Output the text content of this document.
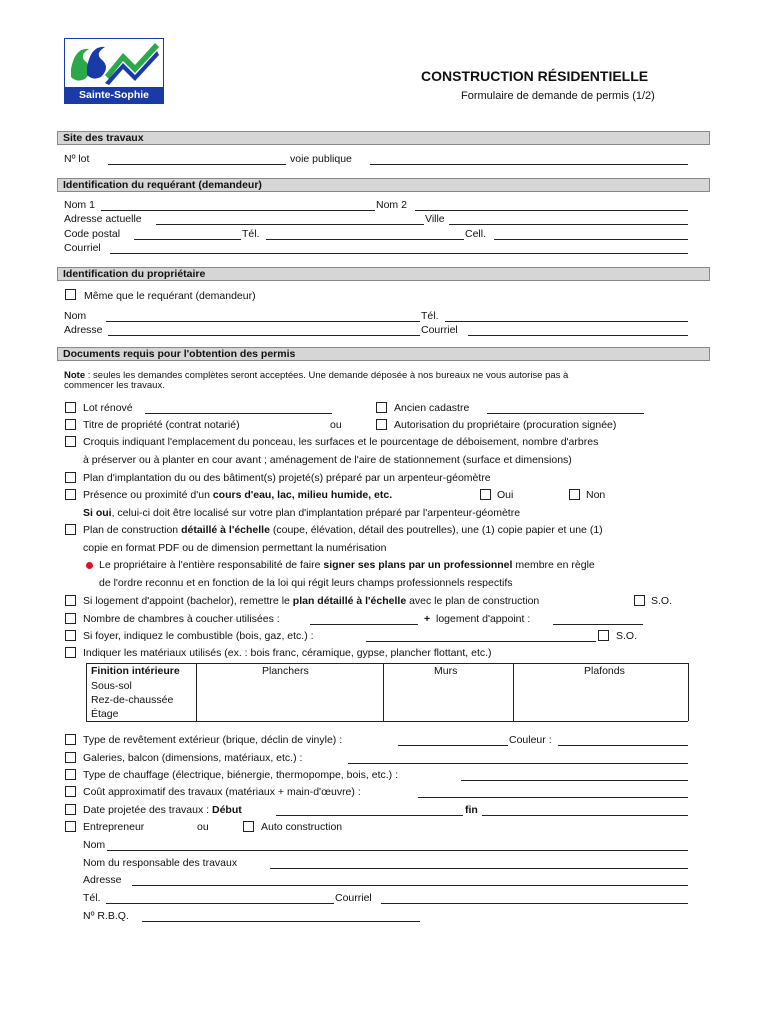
Sainte-Sophie
CONSTRUCTION RÉSIDENTIELLE
Formulaire de demande de permis (1/2)
Site des travaux
Nº lot	voie publique
Identification du requérant (demandeur)
Nom 1	Nom 2
Adresse actuelle	Ville
Code postal	Tél.	Cell.
Courriel
Identification du propriétaire
Même que le requérant (demandeur)
Nom	Tél.
Adresse	Courriel
Documents requis pour l'obtention des permis
Note : seules les demandes complètes seront acceptées. Une demande déposée à nos bureaux ne vous autorise pas à
commencer les travaux.
Lot rénové	Ancien cadastre
Titre de propriété (contrat notarié)	ou	Autorisation du propriétaire (procuration signée)
Croquis indiquant l'emplacement du ponceau, les surfaces et le pourcentage de déboisement, nombre d'arbres
à préserver ou à planter en cour avant ; aménagement de l'aire de stationnement (surface et dimensions)
Plan d'implantation du ou des bâtiment(s) projeté(s) préparé par un arpenteur-géomètre
Présence ou proximité d'un cours d'eau, lac, milieu humide, etc.	Oui	Non
Si oui, celui-ci doit être localisé sur votre plan d'implantation préparé par l'arpenteur-géomètre
Plan de construction détaillé à l'échelle (coupe, élévation, détail des poutrelles), une (1) copie papier et une (1)
copie en format PDF ou de dimension permettant la numérisation
Le propriétaire à l'entière responsabilité de faire signer ses plans par un professionnel membre en règle
de l'ordre reconnu et en fonction de la loi qui régit leurs champs professionnels respectifs
Si logement d'appoint (bachelor), remettre le plan détaillé à l'échelle avec le plan de construction	S.O.
Nombre de chambres à coucher utilisées :	+ logement d'appoint :
Si foyer, indiquez le combustible (bois, gaz, etc.) :	S.O.
Indiquer les matériaux utilisés (ex. : bois franc, céramique, gypse, plancher flottant, etc.)
Finition intérieure	Planchers	Murs	Plafonds
Sous-sol
Rez-de-chaussée
Étage
Type de revêtement extérieur (brique, déclin de vinyle) :	Couleur :
Galeries, balcon (dimensions, matériaux, etc.) :
Type de chauffage (électrique, biénergie, thermopompe, bois, etc.) :
Coût approximatif des travaux (matériaux + main-d'œuvre) :
Date projetée des travaux : Début	fin
Entrepreneur	ou	Auto construction
Nom
Nom du responsable des travaux
Adresse
Tél.	Courriel
Nº R.B.Q.
